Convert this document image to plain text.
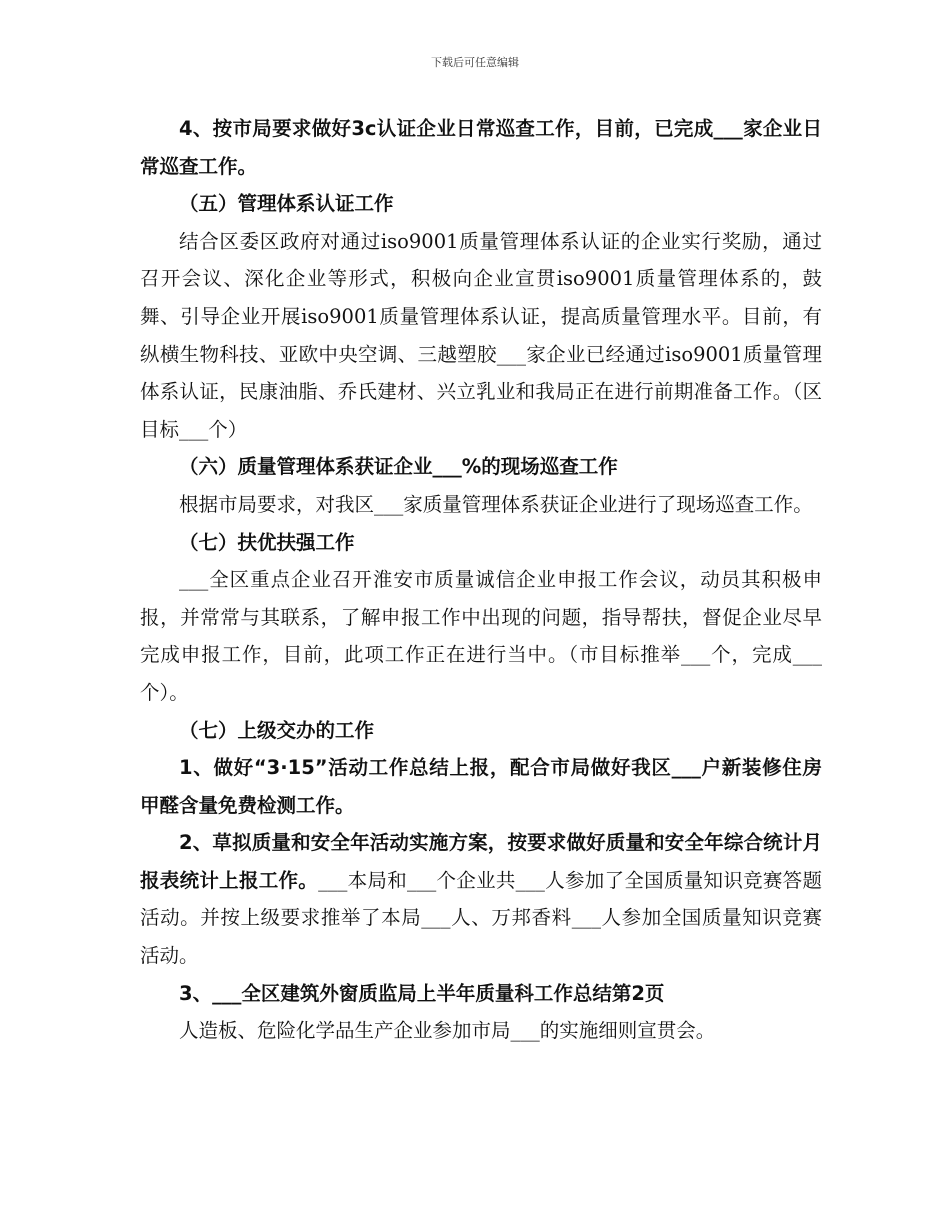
下载后可任意编辑

4、按市局要求做好3c认证企业日常巡查工作，目前，已完成___家企业日常巡查工作。

（五）管理体系认证工作

结合区委区政府对通过iso9001质量管理体系认证的企业实行奖励，通过召开会议、深化企业等形式，积极向企业宣贯iso9001质量管理体系的，鼓舞、引导企业开展iso9001质量管理体系认证，提高质量管理水平。目前，有纵横生物科技、亚欧中央空调、三越塑胶___家企业已经通过iso9001质量管理体系认证，民康油脂、乔氏建材、兴立乳业和我局正在进行前期准备工作。（区目标___个）

（六）质量管理体系获证企业___%的现场巡查工作

根据市局要求，对我区___家质量管理体系获证企业进行了现场巡查工作。

（七）扶优扶强工作

___全区重点企业召开淮安市质量诚信企业申报工作会议，动员其积极申报，并常常与其联系，了解申报工作中出现的问题，指导帮扶，督促企业尽早完成申报工作，目前，此项工作正在进行当中。（市目标推举___个，完成___个）。

（七）上级交办的工作

1、做好“3·15”活动工作总结上报，配合市局做好我区___户新装修住房甲醛含量免费检测工作。

2、草拟质量和安全年活动实施方案，按要求做好质量和安全年综合统计月报表统计上报工作。___本局和___个企业共___人参加了全国质量知识竞赛答题活动。并按上级要求推举了本局___人、万邦香料___人参加全国质量知识竞赛活动。

3、___全区建筑外窗质监局上半年质量科工作总结第2页

人造板、危险化学品生产企业参加市局___的实施细则宣贯会。
